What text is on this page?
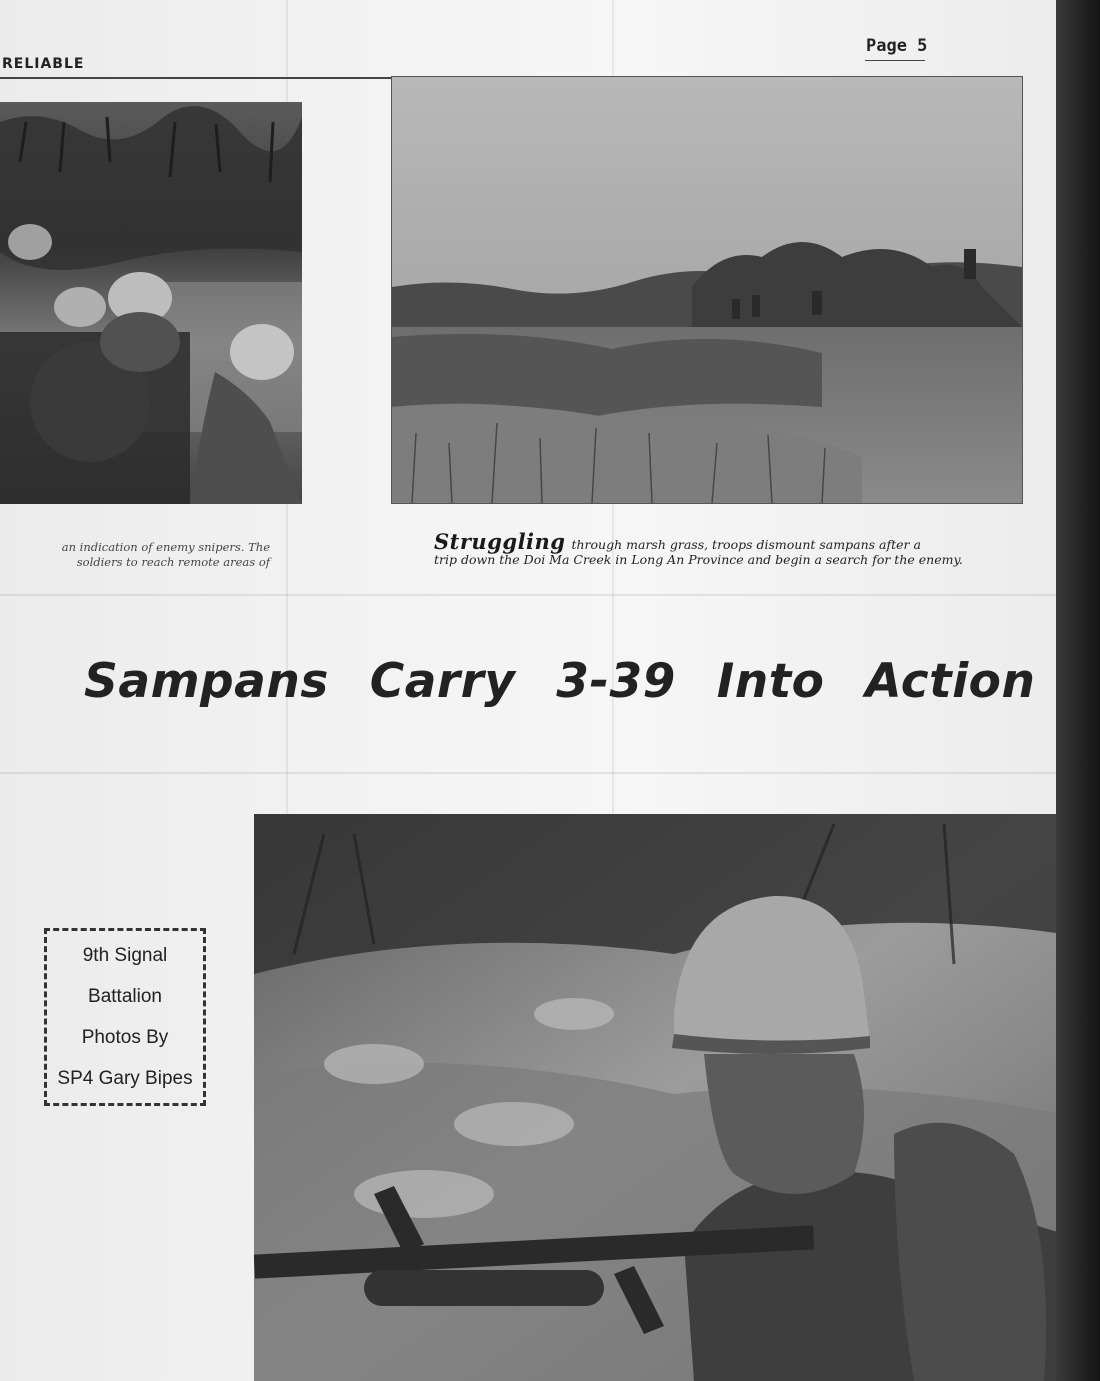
RELIABLE
Page 5
an indication of enemy snipers. The
soldiers to reach remote areas of
Struggling through marsh grass, troops dismount sampans after a
trip down the Doi Ma Creek in Long An Province and begin a search for the enemy.
Sampans Carry 3-39 Into Action
9th Signal
Battalion
Photos By
SP4 Gary Bipes
